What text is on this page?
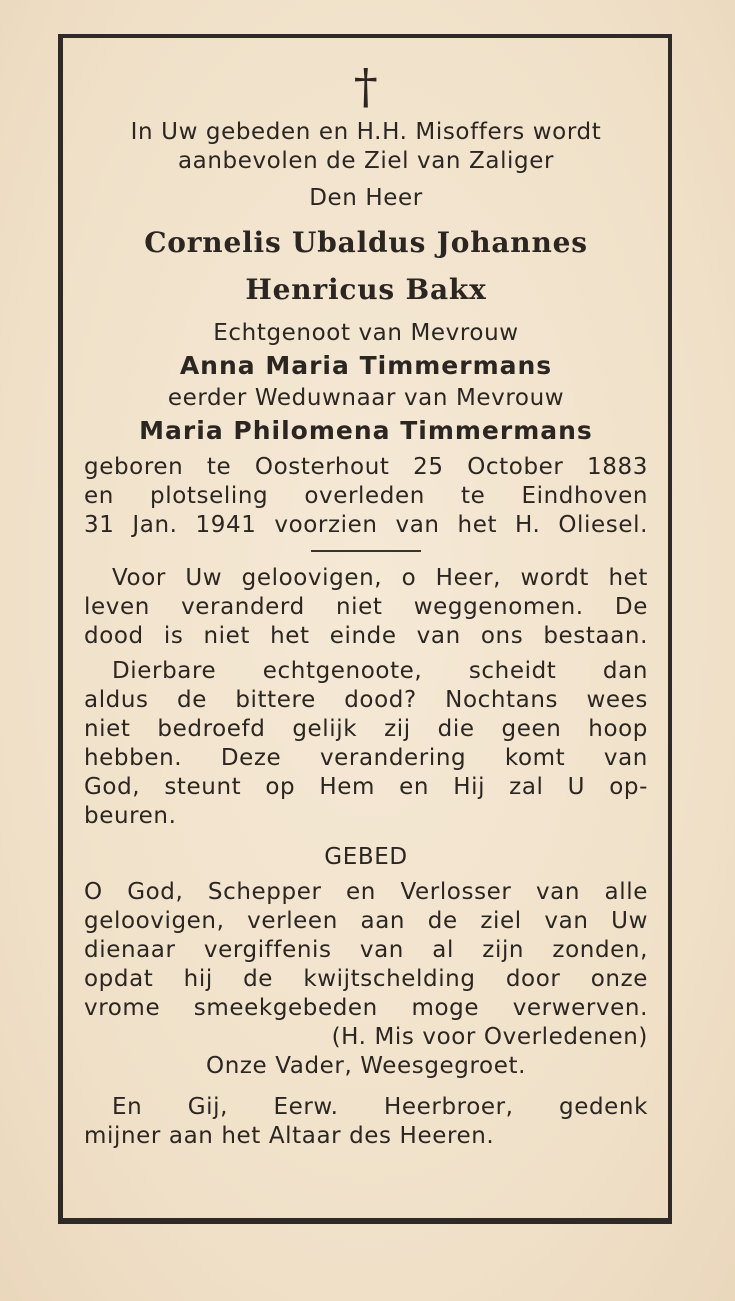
†
In Uw gebeden en H.H. Misoffers wordt
aanbevolen de Ziel van Zaliger
Den Heer
Cornelis Ubaldus Johannes
Henricus Bakx
Echtgenoot van Mevrouw
Anna Maria Timmermans
eerder Weduwnaar van Mevrouw
Maria Philomena Timmermans
geboren te Oosterhout 25 October 1883
en plotseling overleden te Eindhoven
31 Jan. 1941 voorzien van het H. Oliesel.
Voor Uw geloovigen, o Heer, wordt het
leven veranderd niet weggenomen. De
dood is niet het einde van ons bestaan.
Dierbare echtgenoote, scheidt dan
aldus de bittere dood? Nochtans wees
niet bedroefd gelijk zij die geen hoop
hebben. Deze verandering komt van
God, steunt op Hem en Hij zal U op-
beuren.
GEBED
O God, Schepper en Verlosser van alle
geloovigen, verleen aan de ziel van Uw
dienaar vergiffenis van al zijn zonden,
opdat hij de kwijtschelding door onze
vrome smeekgebeden moge verwerven.
(H. Mis voor Overledenen)
Onze Vader, Weesgegroet.
En Gij, Eerw. Heerbroer, gedenk
mijner aan het Altaar des Heeren.
